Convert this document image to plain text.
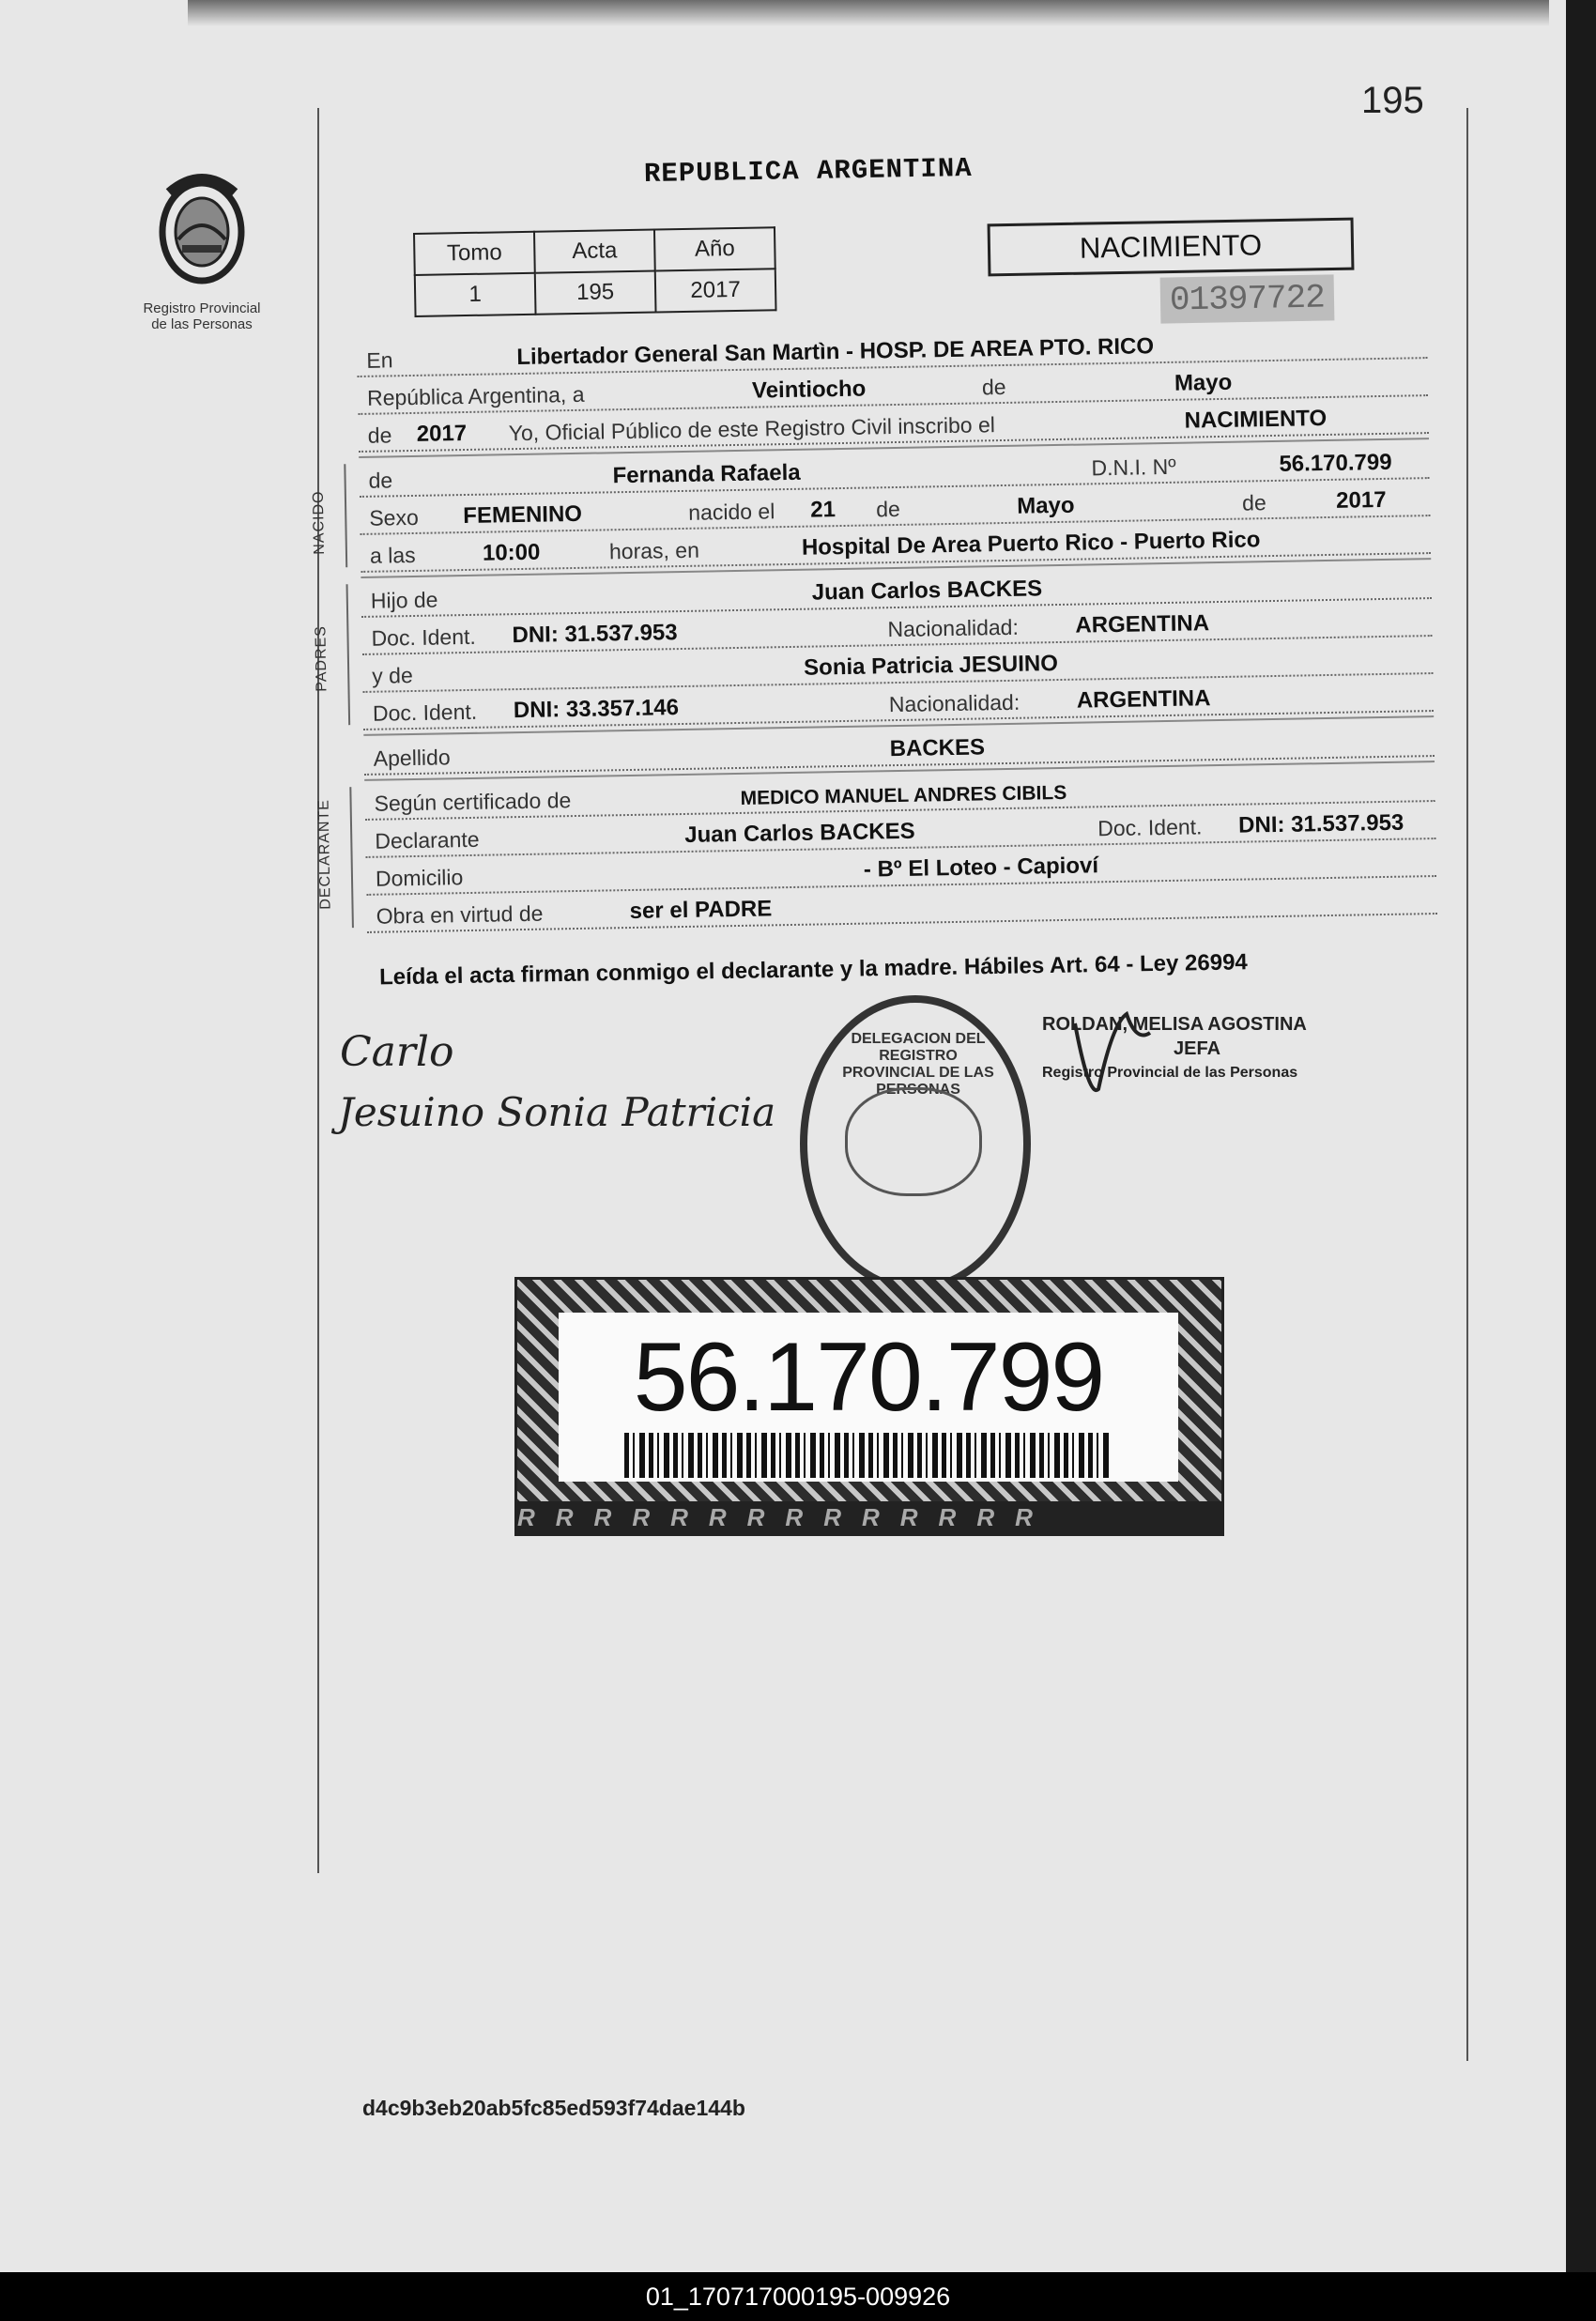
195
Registro Provincial
de las Personas
REPUBLICA ARGENTINA
Tomo	Acta	Año
1	195	2017
NACIMIENTO
01397722
En	Libertador General San Martìn - HOSP. DE AREA PTO. RICO
República Argentina, a	Veintiocho	de	Mayo
de 2017 Yo, Oficial Público de este Registro Civil inscribo el	NACIMIENTO
NACIDO
de	Fernanda Rafaela	D.N.I. Nº	56.170.799
Sexo FEMENINO	nacido el 21 de	Mayo	de	2017
a las	10:00	horas, en	Hospital De Area Puerto Rico - Puerto Rico
PADRES
Hijo de	Juan Carlos BACKES
Doc. Ident. DNI: 31.537.953	Nacionalidad:	ARGENTINA
y de	Sonia Patricia JESUINO
Doc. Ident. DNI: 33.357.146	Nacionalidad:	ARGENTINA
Apellido	BACKES
DECLARANTE Según certificado de	MEDICO MANUEL ANDRES CIBILS
Declarante	Juan Carlos BACKES	Doc. Ident. DNI: 31.537.953
Domicilio	- Bº El Loteo - Capioví
Obra en virtud de	ser el PADRE
Leída el acta firman conmigo el declarante y la madre. Hábiles Art. 64 - Ley 26994
Carlo
Jesuino Sonia Patricia
DELEGACION DEL REGISTRO PROVINCIAL DE LAS PERSONAS
ROLDAN, MELISA AGOSTINA
JEFA
Registro Provincial de las Personas
56.170.799
RRRRRRRRRRRRRR
d4c9b3eb20ab5fc85ed593f74dae144b
01_170717000195-009926
